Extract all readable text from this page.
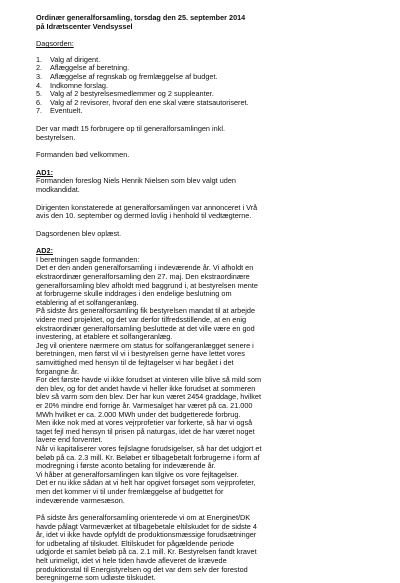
Ordinær generalforsamling, torsdag den 25. september 2014

på Idrætscenter Vendsyssel

Dagsorden:

1.	Valg af dirigent.
2.	Aflæggelse af beretning.
3.	Aflæggelse af regnskab og fremlæggelse af budget.
4.	Indkomne forslag.
5.	Valg af 2 bestyrelsesmedlemmer og 2 suppleanter.
6.	Valg af 2 revisorer, hvoraf den ene skal være statsautoriseret.
7.	Eventuelt.
Der var mødt 15 forbrugere op til generalforsamlingen inkl.
bestyrelsen.

Formanden bød velkommen.

AD1:

Formanden foreslog Niels Henrik Nielsen som blev valgt uden
modkandidat.
Dirigenten konstaterede at generalforsamlingen var annonceret i Vrå
avis den 10. september og dermed lovlig i henhold til vedtægterne.
Dagsordenen blev oplæst.

AD2:

I beretningen sagde formanden:
Det er den anden generalforsamling i indeværende år. Vi afholdt en
ekstraordinær generalforsamling den 27. maj. Den ekstraordinære
generalforsamling blev afholdt med baggrund i, at bestyrelsen mente
at forbrugerne skulle inddrages i den endelige beslutning om
etablering af et solfangeranlæg.
På sidste års generalforsamling fik bestyrelsen mandat til at arbejde
videre med projektet, og det var derfor tilfredsstillende, at en enig
ekstraordinær generalforsamling besluttede at det ville være en god
investering, at etablere et solfangeranlæg.
Jeg vil orientere nærmere om status for solfangeranlægget senere i
beretningen, men først vil vi i bestyrelsen gerne have lettet vores
samvittighed med hensyn til de fejltagelser vi har begået i det
forgangne år.
For det første havde vi ikke forudset at vinteren ville blive så mild som
den blev, og for det andet havde vi heller ikke forudset at sommeren
blev så varm som den blev. Der har kun været 2454 graddage, hvilket
er 20% mindre end forrige år. Varmesalget har været på ca. 21.000
MWh hvilket er ca. 2.000 MWh under det budgetterede forbrug.
Men ikke nok med at vores vejrprofetier var forkerte, så har vi også
taget fejl med hensyn til prisen på naturgas, idet de har været noget
lavere end forventet.
Når vi kapitaliserer vores fejlslagne forudsigelser, så har det udgjort et
beløb på ca. 2.3 mill. Kr. Beløbet er tilbagebetalt forbrugerne i form af
modregning i første aconto betaling for indeværende år.
Vi håber at generalforsamlingen kan tilgive os vore fejltagelser.
Det er nu ikke sådan at vi helt har opgivet forsøget som vejrprofeter,
men det kommer vi til under fremlæggelse af budgettet for
indeværende varmesæson.
På sidste års generalforsamling orienterede vi om at Energinet/DK
havde pålagt Varmeværket at tilbagebetale eltilskudet for de sidste 4
år, idet vi ikke havde opfyldt de produktionsmæssige forudsætninger
for udbetaling af tilskudet. Eltilskudet for pågældende periode
udgjorde et samlet beløb på ca. 2.1 mill. Kr. Bestyrelsen fandt kravet
helt urimeligt, idet vi hele tiden havde afleveret de krævede
produktionstal til Energistyrelsen og det var dem selv der forestod
beregningerne som udløste tilskudet.
